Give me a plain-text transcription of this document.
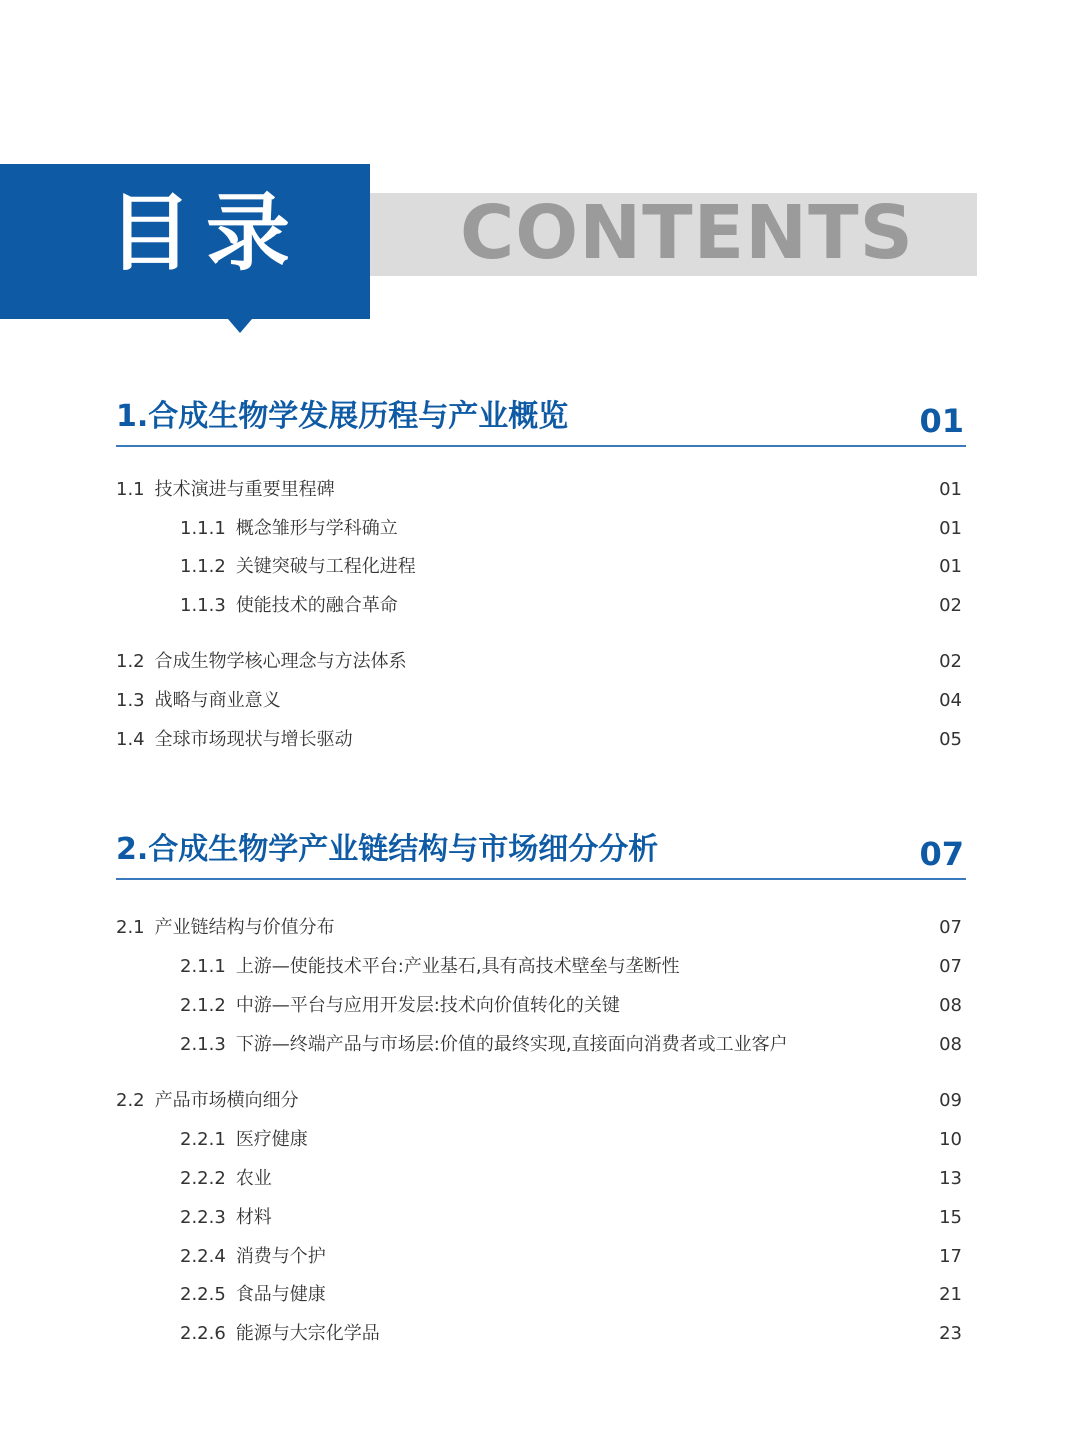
CONTENTS
目录
1.合成生物学发展历程与产业概览	01
1.1 技术演进与重要里程碑	01
1.1.1 概念雏形与学科确立	01
1.1.2 关键突破与工程化进程	01
1.1.3 使能技术的融合革命	02
1.2 合成生物学核心理念与方法体系	02
1.3 战略与商业意义	04
1.4 全球市场现状与增长驱动	05
2.合成生物学产业链结构与市场细分分析	07
2.1 产业链结构与价值分布	07
2.1.1 上游—使能技术平台:产业基石,具有高技术壁垒与垄断性	07
2.1.2 中游—平台与应用开发层:技术向价值转化的关键	08
2.1.3 下游—终端产品与市场层:价值的最终实现,直接面向消费者或工业客户	08
2.2 产品市场横向细分	09
2.2.1 医疗健康	10
2.2.2 农业	13
2.2.3 材料	15
2.2.4 消费与个护	17
2.2.5 食品与健康	21
2.2.6 能源与大宗化学品	23
